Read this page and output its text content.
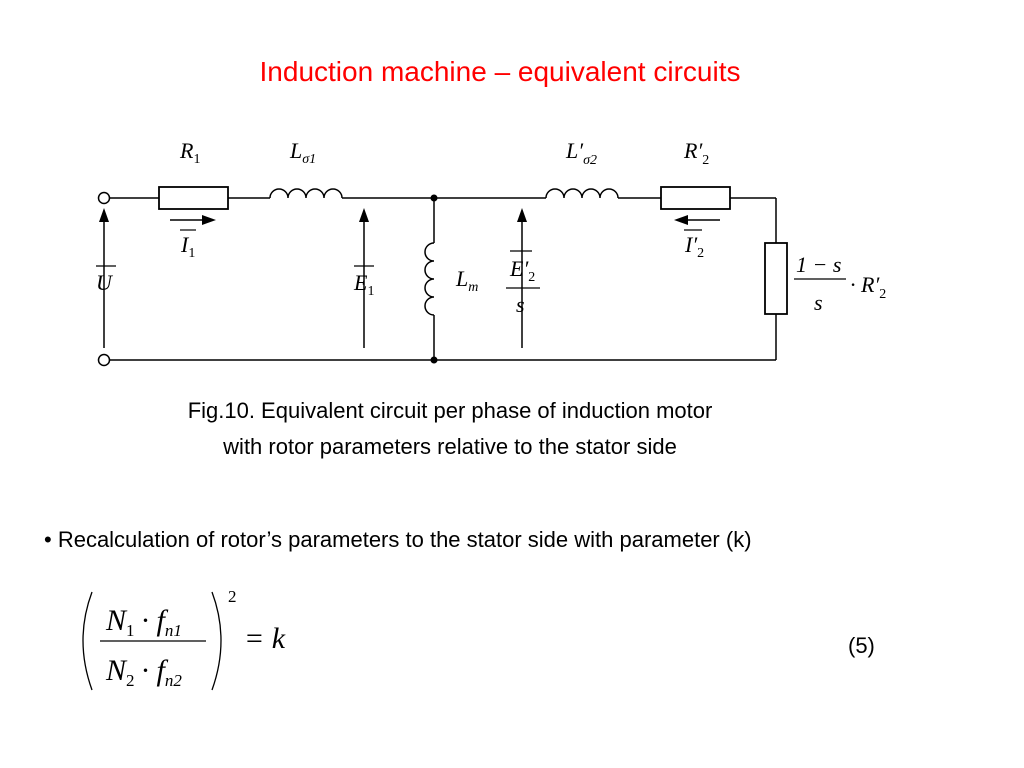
Induction machine – equivalent circuits
$R_1$	$L_{\sigma 1}$	$L'_{\sigma 2}$	$R'_2$
$I_1$	$I'_2$
U	$E_1$
$L_m$
$E'_2$
s
1 − s
s
· $R'_2$
$N_1 \cdot f_{n1}$
$N_2 \cdot f_{n2}$
2
= k
Fig.10. Equivalent circuit per phase of induction motor
with rotor parameters relative to the stator side
• Recalculation of rotor’s parameters to the stator side with parameter (k)
(5)
